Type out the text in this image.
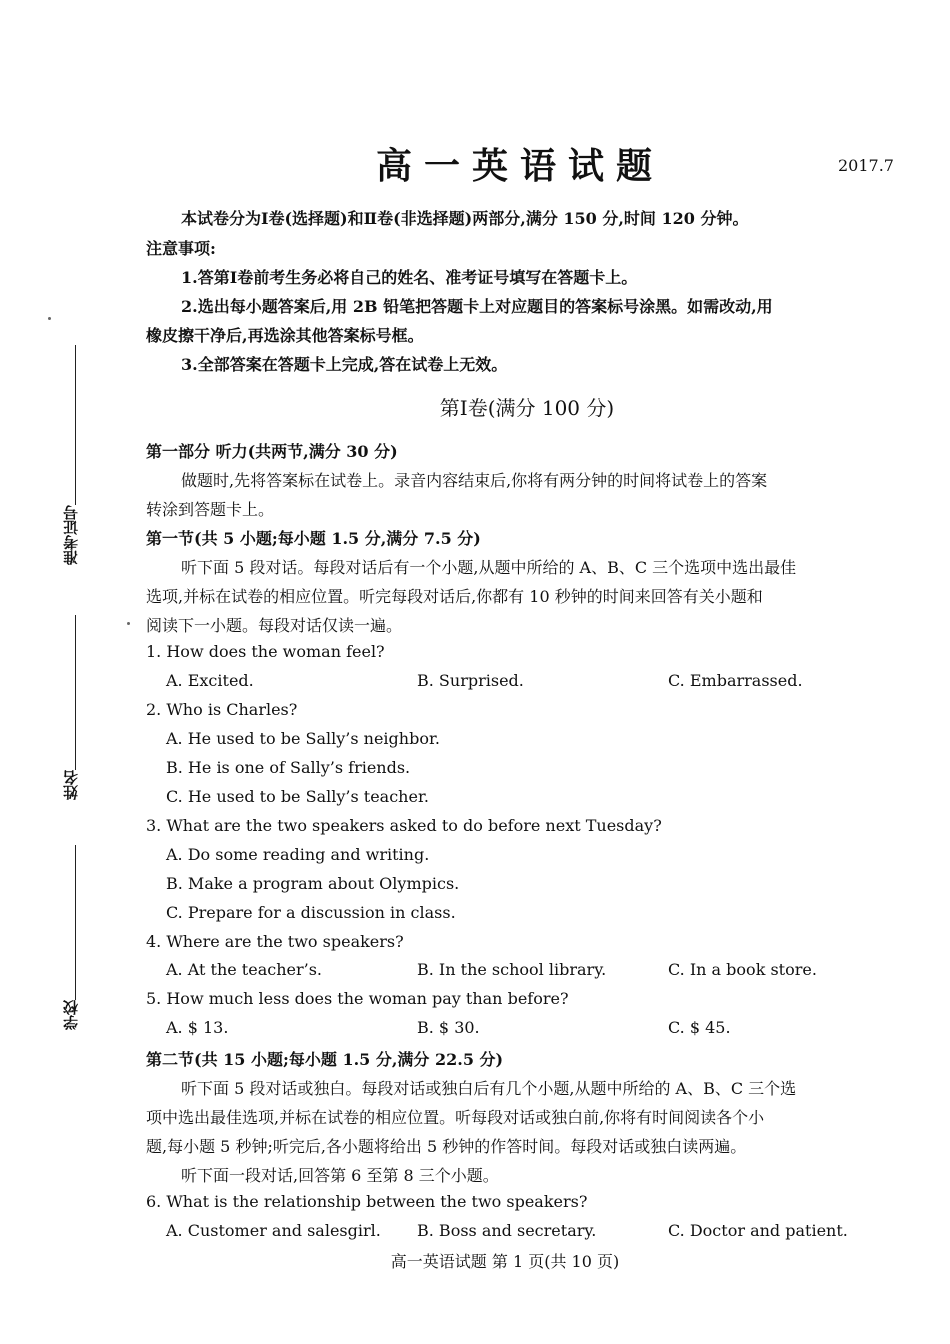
准考证号
姓名
学校
高一英语试题	2017.7
本试卷分为Ⅰ卷(选择题)和Ⅱ卷(非选择题)两部分,满分 150 分,时间 120 分钟。
注意事项:
1.答第Ⅰ卷前考生务必将自己的姓名、准考证号填写在答题卡上。
2.选出每小题答案后,用 2B 铅笔把答题卡上对应题目的答案标号涂黑。如需改动,用
橡皮擦干净后,再选涂其他答案标号框。
3.全部答案在答题卡上完成,答在试卷上无效。
第Ⅰ卷(满分 100 分)
第一部分 听力(共两节,满分 30 分)
做题时,先将答案标在试卷上。录音内容结束后,你将有两分钟的时间将试卷上的答案
转涂到答题卡上。
第一节(共 5 小题;每小题 1.5 分,满分 7.5 分)
听下面 5 段对话。每段对话后有一个小题,从题中所给的 A、B、C 三个选项中选出最佳
选项,并标在试卷的相应位置。听完每段对话后,你都有 10 秒钟的时间来回答有关小题和
阅读下一小题。每段对话仅读一遍。
1. How does the woman feel?
A. Excited.	B. Surprised.	C. Embarrassed.
2. Who is Charles?
A. He used to be Sally’s neighbor.
B. He is one of Sally’s friends.
C. He used to be Sally’s teacher.
3. What are the two speakers asked to do before next Tuesday?
A. Do some reading and writing.
B. Make a program about Olympics.
C. Prepare for a discussion in class.
4. Where are the two speakers?
A. At the teacher’s.	B. In the school library.	C. In a book store.
5. How much less does the woman pay than before?
A. $ 13.	B. $ 30.	C. $ 45.
第二节(共 15 小题;每小题 1.5 分,满分 22.5 分)
听下面 5 段对话或独白。每段对话或独白后有几个小题,从题中所给的 A、B、C 三个选
项中选出最佳选项,并标在试卷的相应位置。听每段对话或独白前,你将有时间阅读各个小
题,每小题 5 秒钟;听完后,各小题将给出 5 秒钟的作答时间。每段对话或独白读两遍。
听下面一段对话,回答第 6 至第 8 三个小题。
6. What is the relationship between the two speakers?
A. Customer and salesgirl. B. Boss and secretary.	C. Doctor and patient.
高一英语试题 第 1 页(共 10 页)
